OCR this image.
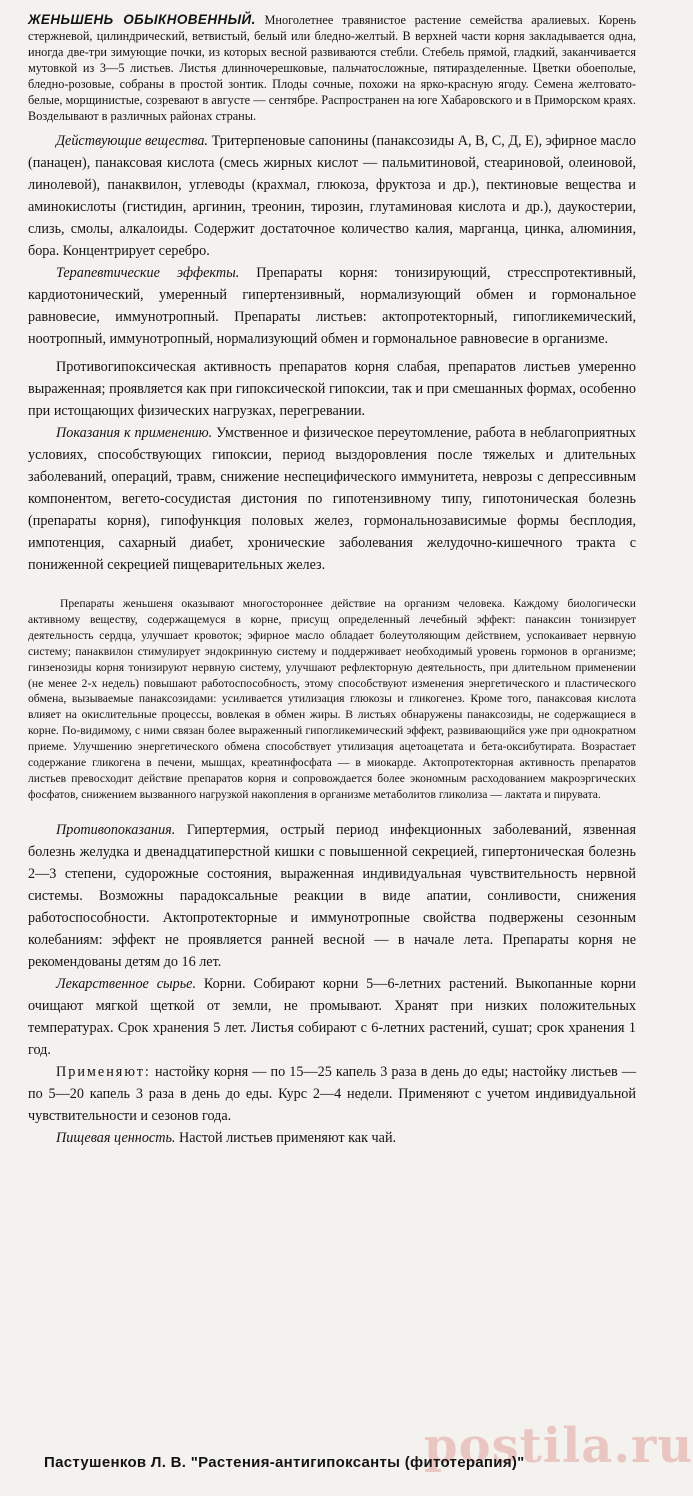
ЖЕНЬШЕНЬ ОБЫКНОВЕННЫЙ. Многолетнее травянистое растение семейства аралиевых. Корень стержневой, цилиндрический, ветвистый, белый или бледно-желтый. В верхней части корня закладывается одна, иногда две-три зимующие почки, из которых весной развиваются стебли. Стебель прямой, гладкий, заканчивается мутовкой из 3—5 листьев. Листья длинночерешковые, пальчатосложные, пятиразделенные. Цветки обоеполые, бледно-розовые, собраны в простой зонтик. Плоды сочные, похожи на ярко-красную ягоду. Семена желтовато-белые, морщинистые, созревают в августе — сентябре. Распространен на юге Хабаровского и в Приморском краях. Возделывают в различных районах страны.

Действующие вещества. Тритерпеновые сапонины (панаксозиды А, В, С, Д, Е), эфирное масло (панацен), панаксовая кислота (смесь жирных кислот — пальмитиновой, стеариновой, олеиновой, линолевой), панаквилон, углеводы (крахмал, глюкоза, фруктоза и др.), пектиновые вещества и аминокислоты (гистидин, аргинин, треонин, тирозин, глутаминовая кислота и др.), даукостерии, слизь, смолы, алкалоиды. Содержит достаточное количество калия, марганца, цинка, алюминия, бора. Концентрирует серебро.

Терапевтические эффекты. Препараты корня: тонизирующий, стресспротективный, кардиотонический, умеренный гипертензивный, нормализующий обмен и гормональное равновесие, иммунотропный. Препараты листьев: актопротекторный, гипогликемический, ноотропный, иммунотропный, нормализующий обмен и гормональное равновесие в организме.

Противогипоксическая активность препаратов корня слабая, препаратов листьев умеренно выраженная; проявляется как при гипоксической гипоксии, так и при смешанных формах, особенно при истощающих физических нагрузках, перегревании.

Показания к применению. Умственное и физическое переутомление, работа в неблагоприятных условиях, способствующих гипоксии, период выздоровления после тяжелых и длительных заболеваний, операций, травм, снижение неспецифического иммунитета, неврозы с депрессивным компонентом, вегето-сосудистая дистония по гипотензивному типу, гипотоническая болезнь (препараты корня), гипофункция половых желез, гормональнозависимые формы бесплодия, импотенция, сахарный диабет, хронические заболевания желудочно-кишечного тракта с пониженной секрецией пищеварительных желез.

Препараты женьшеня оказывают многостороннее действие на организм человека. Каждому биологически активному веществу, содержащемуся в корне, присущ определенный лечебный эффект: панаксин тонизирует деятельность сердца, улучшает кровоток; эфирное масло обладает болеутоляющим действием, успокаивает нервную систему; панаквилон стимулирует эндокринную систему и поддерживает необходимый уровень гормонов в организме; гинзенозиды корня тонизируют нервную систему, улучшают рефлекторную деятельность, при длительном применении (не менее 2-х недель) повышают работоспособность, этому способствуют изменения энергетического и пластического обмена, вызываемые панаксозидами: усиливается утилизация глюкозы и гликогенез. Кроме того, панаксовая кислота влияет на окислительные процессы, вовлекая в обмен жиры. В листьях обнаружены панаксозиды, не содержащиеся в корне. По-видимому, с ними связан более выраженный гипогликемический эффект, развивающийся уже при однократном приеме. Улучшению энергетического обмена способствует утилизация ацетоацетата и бета-оксибутирата. Возрастает содержание гликогена в печени, мышцах, креатинфосфата — в миокарде. Актопротекторная активность препаратов листьев превосходит действие препаратов корня и сопровождается более экономным расходованием макроэргических фосфатов, снижением вызванного нагрузкой накопления в организме метаболитов гликолиза — лактата и пирувата.

Противопоказания. Гипертермия, острый период инфекционных заболеваний, язвенная болезнь желудка и двенадцатиперстной кишки с повышенной секрецией, гипертоническая болезнь 2—3 степени, судорожные состояния, выраженная индивидуальная чувствительность нервной системы. Возможны парадоксальные реакции в виде апатии, сонливости, снижения работоспособности. Актопротекторные и иммунотропные свойства подвержены сезонным колебаниям: эффект не проявляется ранней весной — в начале лета. Препараты корня не рекомендованы детям до 16 лет.

Лекарственное сырье. Корни. Собирают корни 5—6-летних растений. Выкопанные корни очищают мягкой щеткой от земли, не промывают. Хранят при низких положительных температурах. Срок хранения 5 лет. Листья собирают с 6-летних растений, сушат; срок хранения 1 год.

Применяют: настойку корня — по 15—25 капель 3 раза в день до еды; настойку листьев — по 5—20 капель 3 раза в день до еды. Курс 2—4 недели. Применяют с учетом индивидуальной чувствительности и сезонов года.

Пищевая ценность. Настой листьев применяют как чай.

postila.ru
Пастушенков Л. В. "Растения-антигипоксанты (фитотерапия)"
